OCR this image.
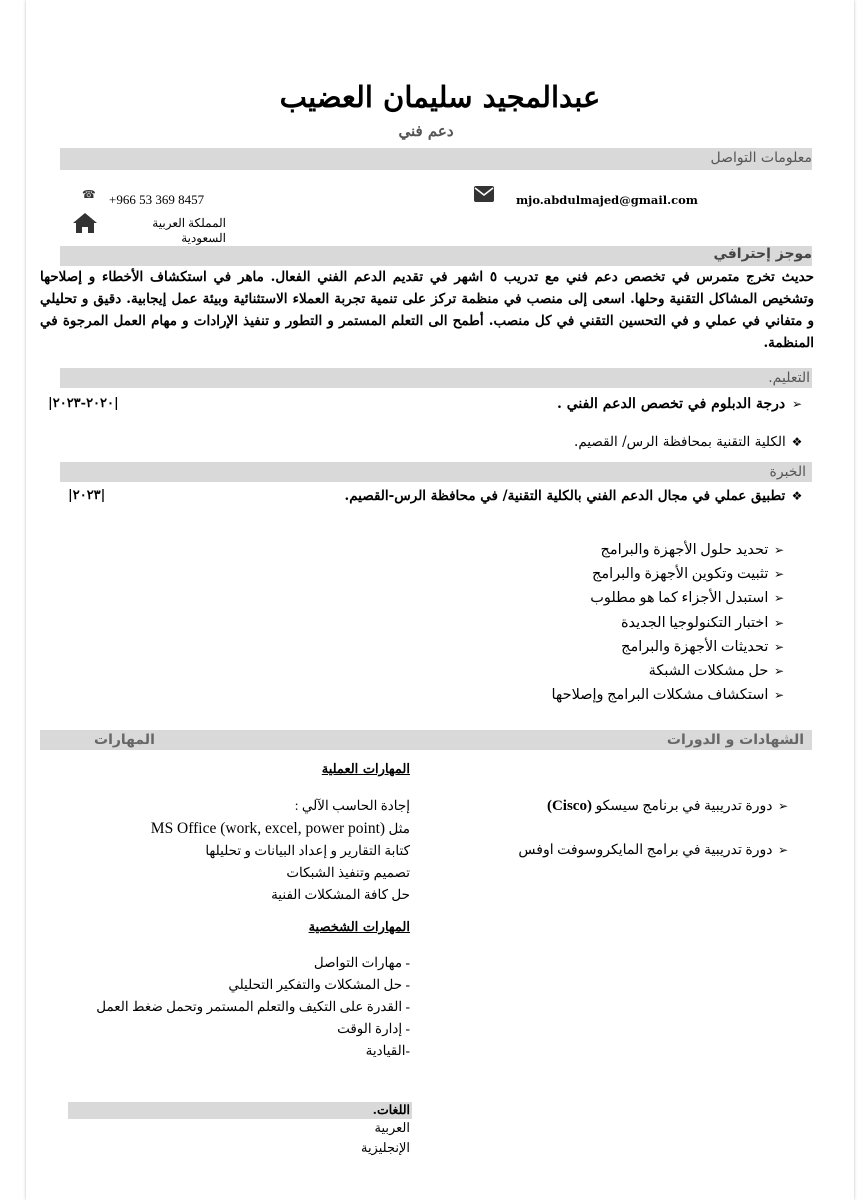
عبدالمجيد سليمان العضيب
دعم فني
معلومات التواصل
☎ +966 53 369 8457
المملكة العربية السعودية
mjo.abdulmajed@gmail.com
موجز إحترافي
حديث تخرج متمرس في تخصص دعم فني مع تدريب ٥ اشهر في تقديم الدعم الفني الفعال. ماهر في استكشاف الأخطاء و إصلاحها وتشخيص المشاكل التقنية وحلها. اسعى إلى منصب في منظمة تركز على تنمية تجربة العملاء الاستثنائية وبيئة عمل إيجابية. دقيق و تحليلي و متفاني في عملي و في التحسين التقني في كل منصب. أطمح الى التعلم المستمر و التطور و تنفيذ الإرادات و مهام العمل المرجوة في المنظمة.
التعليم.
➢ درجة الدبلوم في تخصص الدعم الفني .
|٢٠٢٠-٢٠٢٣|
❖ الكلية التقنية بمحافظة الرس/ القصيم.
الخبرة
❖ تطبيق عملي في مجال الدعم الفني بالكلية التقنية/ في محافظة الرس-القصيم.
|٢٠٢٣|
➢ تحديد حلول الأجهزة والبرامج
➢ تثبيت وتكوين الأجهزة والبرامج
➢ استبدل الأجزاء كما هو مطلوب
➢ اختبار التكنولوجيا الجديدة
➢ تحديثات الأجهزة والبرامج
➢ حل مشكلات الشبكة
➢ استكشاف مشكلات البرامج وإصلاحها
الشهادات و الدورات
المهارات
➢ دورة تدريبية في برنامج سيسكو (Cisco)
➢ دورة تدريبية في برامج المايكروسوفت اوفس
المهارات العملية
إجادة الحاسب الآلي :
مثل MS Office (work, excel, power point)
كتابة التقارير و إعداد البيانات و تحليلها
تصميم وتنفيذ الشبكات
حل كافة المشكلات الفنية
المهارات الشخصية
- مهارات التواصل
- حل المشكلات والتفكير التحليلي
- القدرة على التكيف والتعلم المستمر وتحمل ضغط العمل
- إدارة الوقت
-القيادية
اللغات.
العربية
الإنجليزية
